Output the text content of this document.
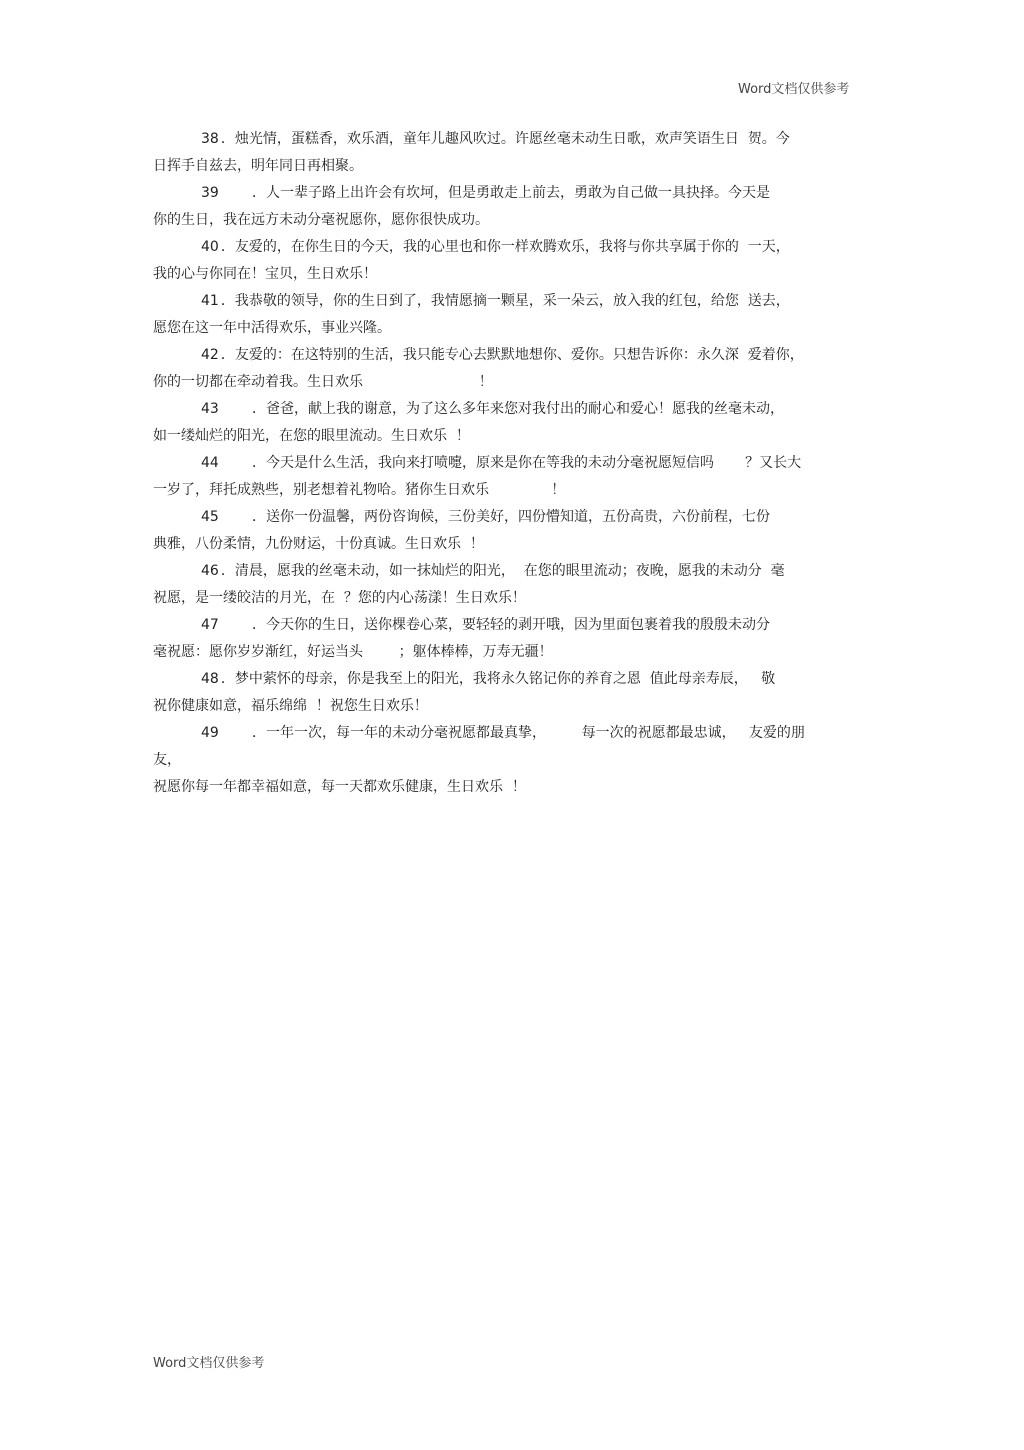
Word文档仅供参考

38 ．烛光情，蛋糕香，欢乐酒，童年儿趣风吹过。许愿丝毫未动生日歌，欢声笑语生日  贺。今
日挥手自兹去，明年同日再相聚。

39       ．人一辈子路上出许会有坎坷，但是勇敢走上前去，勇敢为自己做一具抉择。今天是
你的生日，我在远方未动分毫祝愿你，愿你很快成功。

40 ．友爱的，在你生日的今天，我的心里也和你一样欢腾欢乐，我将与你共享属于你的  一天，
我的心与你同在！宝贝，生日欢乐！

41 ．我恭敬的领导，你的生日到了，我情愿摘一颗星，采一朵云，放入我的红包，给您  送去，
愿您在这一年中活得欢乐，事业兴隆。

42 ．友爱的：在这特别的生活，我只能专心去默默地想你、爱你。只想告诉你：永久深  爱着你，
你的一切都在牵动着我。生日欢乐                          ！

43       ．爸爸，献上我的谢意，为了这么多年来您对我付出的耐心和爱心！愿我的丝毫未动，
如一缕灿烂的阳光，在您的眼里流动。生日欢乐  ！

44       ．今天是什么生活，我向来打喷嚏，原来是你在等我的未动分毫祝愿短信吗       ？又长大
一岁了，拜托成熟些，别老想着礼物哈。猪你生日欢乐              ！

45       ．送你一份温馨，两份咨询候，三份美好，四份懵知道，五份高贵，六份前程，七份
典雅，八份柔情，九份财运，十份真诚。生日欢乐  ！

46 ．清晨，愿我的丝毫未动，如一抹灿烂的阳光，  在您的眼里流动；夜晚，愿我的未动分  毫
祝愿，是一缕皎洁的月光，在  ？您的内心荡漾！生日欢乐！

47       ．今天你的生日，送你棵卷心菜，要轻轻的剥开哦，因为里面包裹着我的殷殷未动分
毫祝愿：愿你岁岁渐红，好运当头        ；躯体棒棒，万寿无疆！

48 ．梦中萦怀的母亲，你是我至上的阳光，我将永久铭记你的养育之恩  值此母亲寿辰，   敬
祝你健康如意，福乐绵绵  ！祝您生日欢乐！

49       ．一年一次，每一年的未动分毫祝愿都最真挚，        每一次的祝愿都最忠诚，   友爱的朋
友，
祝愿你每一年都幸福如意，每一天都欢乐健康，生日欢乐  ！

Word文档仅供参考
